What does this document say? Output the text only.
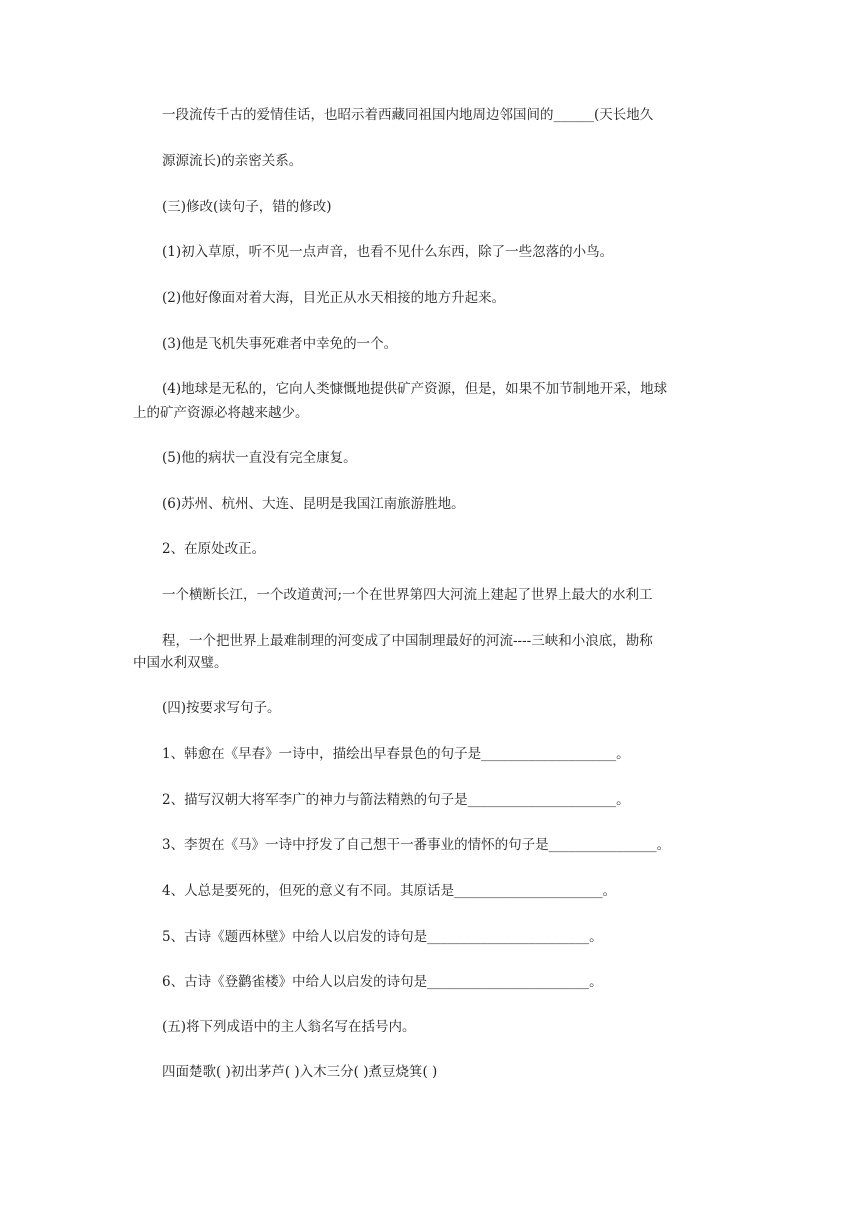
一段流传千古的爱情佳话，也昭示着西藏同祖国内地周边邻国间的______(天长地久
源源流长)的亲密关系。
(三)修改(读句子，错的修改)
(1)初入草原，听不见一点声音，也看不见什么东西，除了一些忽落的小鸟。
(2)他好像面对着大海，目光正从水天相接的地方升起来。
(3)他是飞机失事死难者中幸免的一个。
(4)地球是无私的，它向人类慷慨地提供矿产资源，但是，如果不加节制地开采，地球
上的矿产资源必将越来越少。
(5)他的病状一直没有完全康复。
(6)苏州、杭州、大连、昆明是我国江南旅游胜地。
2、在原处改正。
一个横断长江，一个改道黄河;一个在世界第四大河流上建起了世界上最大的水利工
程，一个把世界上最难制理的河变成了中国制理最好的河流----三峡和小浪底，勘称
中国水利双璧。
(四)按要求写句子。
1、韩愈在《早春》一诗中，描绘出早春景色的句子是____________________。
2、描写汉朝大将军李广的神力与箭法精熟的句子是______________________。
3、李贺在《马》一诗中抒发了自己想干一番事业的情怀的句子是________________。
4、人总是要死的，但死的意义有不同。其原话是______________________。
5、古诗《题西林壁》中给人以启发的诗句是________________________。
6、古诗《登鹳雀楼》中给人以启发的诗句是________________________。
(五)将下列成语中的主人翁名写在括号内。
四面楚歌( )初出茅芦( )入木三分( )煮豆烧箕( )
